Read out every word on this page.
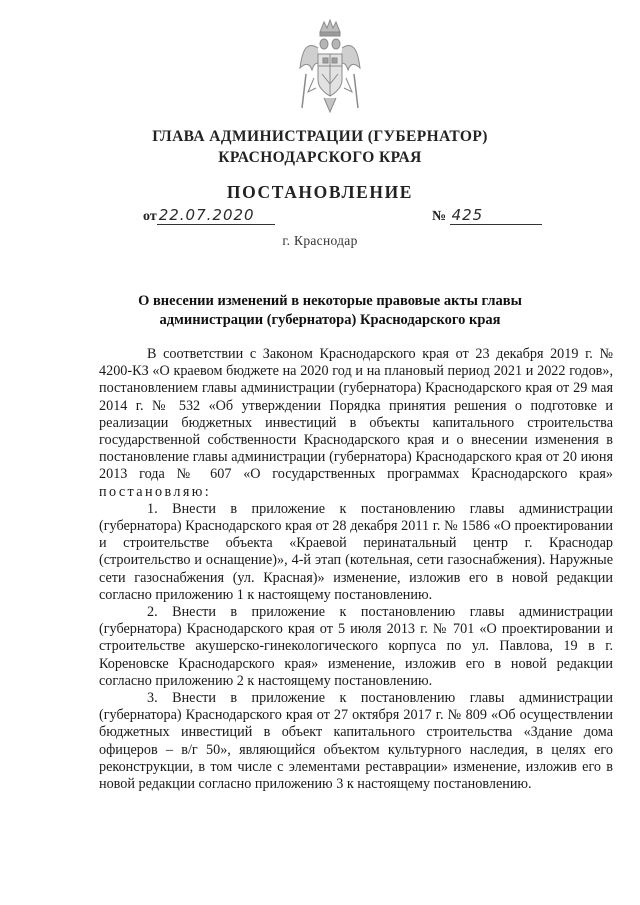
ГЛАВА АДМИНИСТРАЦИИ (ГУБЕРНАТОР)
КРАСНОДАРСКОГО КРАЯ
ПОСТАНОВЛЕНИЕ
от 22.07.2020	№ 425
г. Краснодар
О внесении изменений в некоторые правовые акты главы
администрации (губернатора) Краснодарского края

В соответствии с Законом Краснодарского края от 23 декабря 2019 г. № 4200-КЗ «О краевом бюджете на 2020 год и на плановый период 2021 и 2022 годов», постановлением главы администрации (губернатора) Краснодарского края от 29 мая 2014 г. № 532 «Об утверждении Порядка принятия решения о подготовке и реализации бюджетных инвестиций в объекты капитального строительства государственной собственности Краснодарского края и о внесении изменения в постановление главы администрации (губернатора) Краснодарского края от 20 июня 2013 года № 607 «О государственных программах Краснодарского края» постановляю:

1. Внести в приложение к постановлению главы администрации (губернатора) Краснодарского края от 28 декабря 2011 г. № 1586 «О проектировании и строительстве объекта «Краевой перинатальный центр г. Краснодар (строительство и оснащение)», 4-й этап (котельная, сети газоснабжения). Наружные сети газоснабжения (ул. Красная)» изменение, изложив его в новой редакции согласно приложению 1 к настоящему постановлению.

2. Внести в приложение к постановлению главы администрации (губернатора) Краснодарского края от 5 июля 2013 г. № 701 «О проектировании и строительстве акушерско-гинекологического корпуса по ул. Павлова, 19 в г. Кореновске Краснодарского края» изменение, изложив его в новой редакции согласно приложению 2 к настоящему постановлению.

3. Внести в приложение к постановлению главы администрации (губернатора) Краснодарского края от 27 октября 2017 г. № 809 «Об осуществлении бюджетных инвестиций в объект капитального строительства «Здание дома офицеров – в/г 50», являющийся объектом культурного наследия, в целях его реконструкции, в том числе с элементами реставрации» изменение, изложив его в новой редакции согласно приложению 3 к настоящему постановлению.
